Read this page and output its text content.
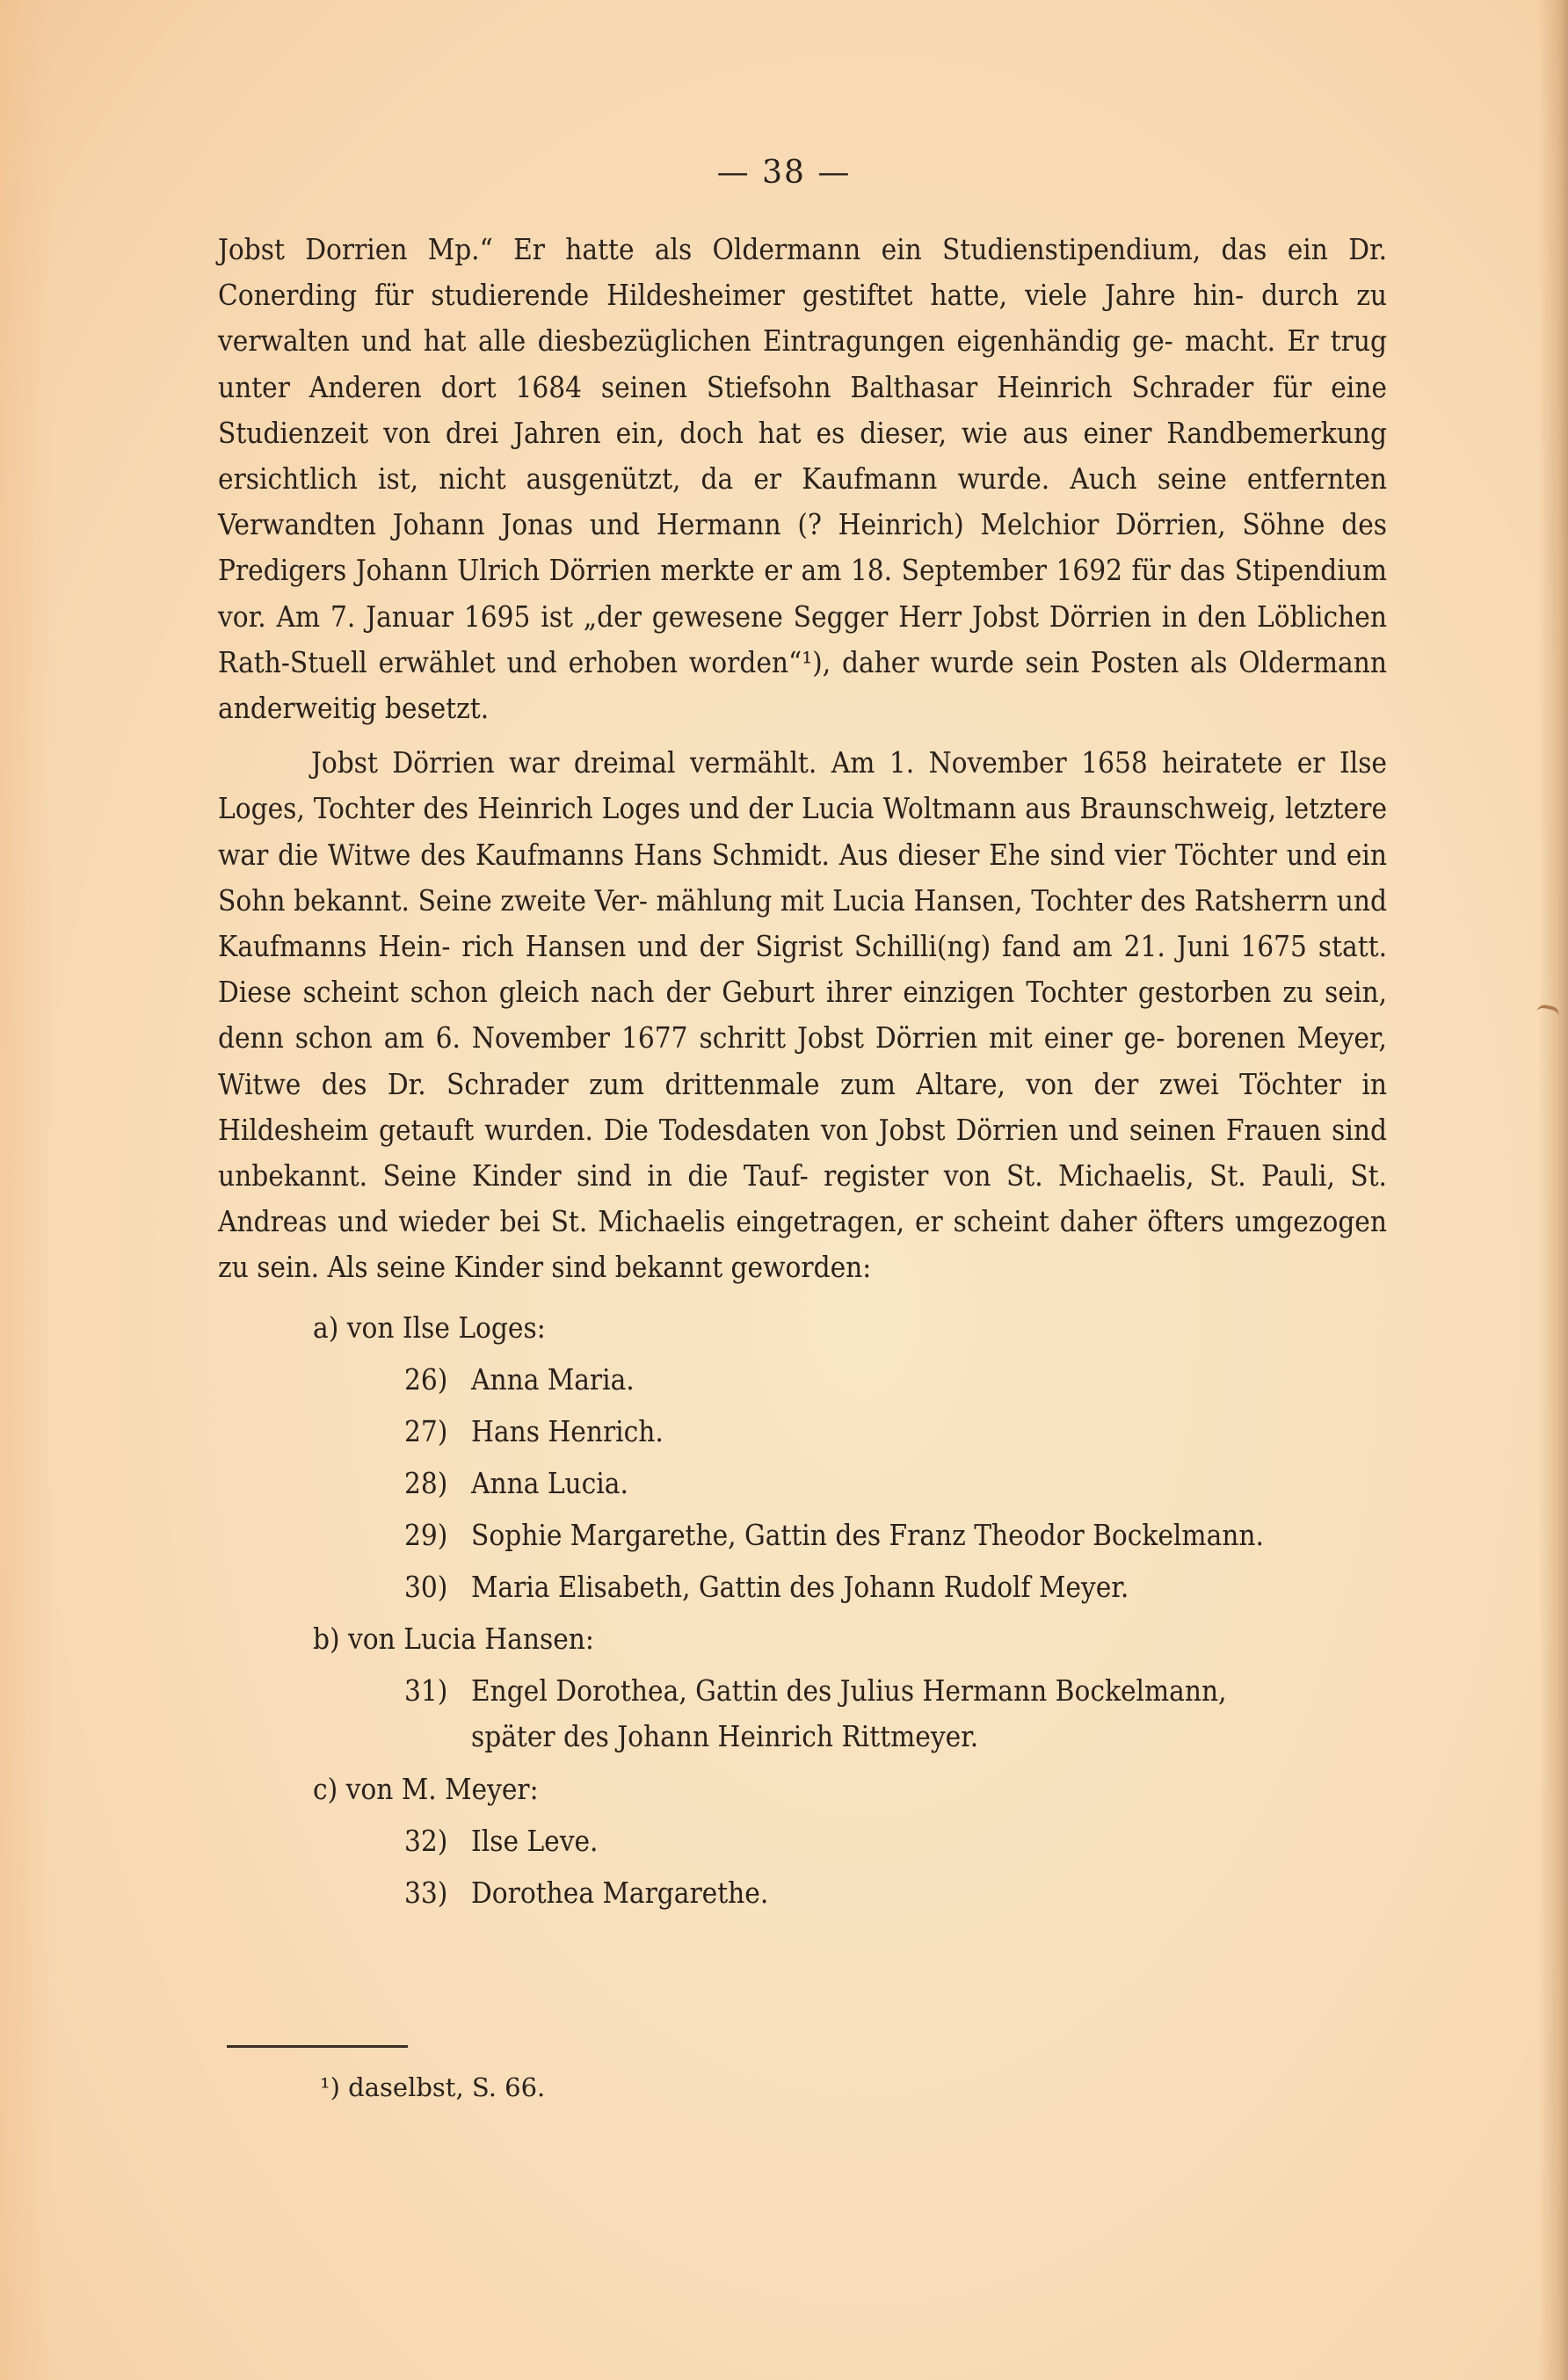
— 38 —

Jobst Dorrien Mp.“ Er hatte als Oldermann ein Studienstipendium, das ein Dr. Conerding für studierende Hildesheimer gestiftet hatte, viele Jahre hin- durch zu verwalten und hat alle diesbezüglichen Eintragungen eigenhändig ge- macht. Er trug unter Anderen dort 1684 seinen Stiefsohn Balthasar Heinrich Schrader für eine Studienzeit von drei Jahren ein, doch hat es dieser, wie aus einer Randbemerkung ersichtlich ist, nicht ausgenützt, da er Kaufmann wurde. Auch seine entfernten Verwandten Johann Jonas und Hermann (? Heinrich) Melchior Dörrien, Söhne des Predigers Johann Ulrich Dörrien merkte er am 18. September 1692 für das Stipendium vor. Am 7. Januar 1695 ist „der gewesene Segger Herr Jobst Dörrien in den Löblichen Rath-Stuell erwählet und erhoben worden“¹), daher wurde sein Posten als Oldermann anderweitig besetzt.

Jobst Dörrien war dreimal vermählt. Am 1. November 1658 heiratete er Ilse Loges, Tochter des Heinrich Loges und der Lucia Woltmann aus Braunschweig, letztere war die Witwe des Kaufmanns Hans Schmidt. Aus dieser Ehe sind vier Töchter und ein Sohn bekannt. Seine zweite Ver- mählung mit Lucia Hansen, Tochter des Ratsherrn und Kaufmanns Hein- rich Hansen und der Sigrist Schilli(ng) fand am 21. Juni 1675 statt. Diese scheint schon gleich nach der Geburt ihrer einzigen Tochter gestorben zu sein, denn schon am 6. November 1677 schritt Jobst Dörrien mit einer ge- borenen Meyer, Witwe des Dr. Schrader zum drittenmale zum Altare, von der zwei Töchter in Hildesheim getauft wurden. Die Todesdaten von Jobst Dörrien und seinen Frauen sind unbekannt. Seine Kinder sind in die Tauf- register von St. Michaelis, St. Pauli, St. Andreas und wieder bei St. Michaelis eingetragen, er scheint daher öfters umgezogen zu sein. Als seine Kinder sind bekannt geworden:

a) von Ilse Loges:
26) Anna Maria.
27) Hans Henrich.
28) Anna Lucia.
29) Sophie Margarethe, Gattin des Franz Theodor Bockelmann.
30) Maria Elisabeth, Gattin des Johann Rudolf Meyer.
b) von Lucia Hansen:
31) Engel Dorothea, Gattin des Julius Hermann Bockelmann,
später des Johann Heinrich Rittmeyer.
c) von M. Meyer:
32) Ilse Leve.
33) Dorothea Margarethe.
¹) daselbst, S. 66.
